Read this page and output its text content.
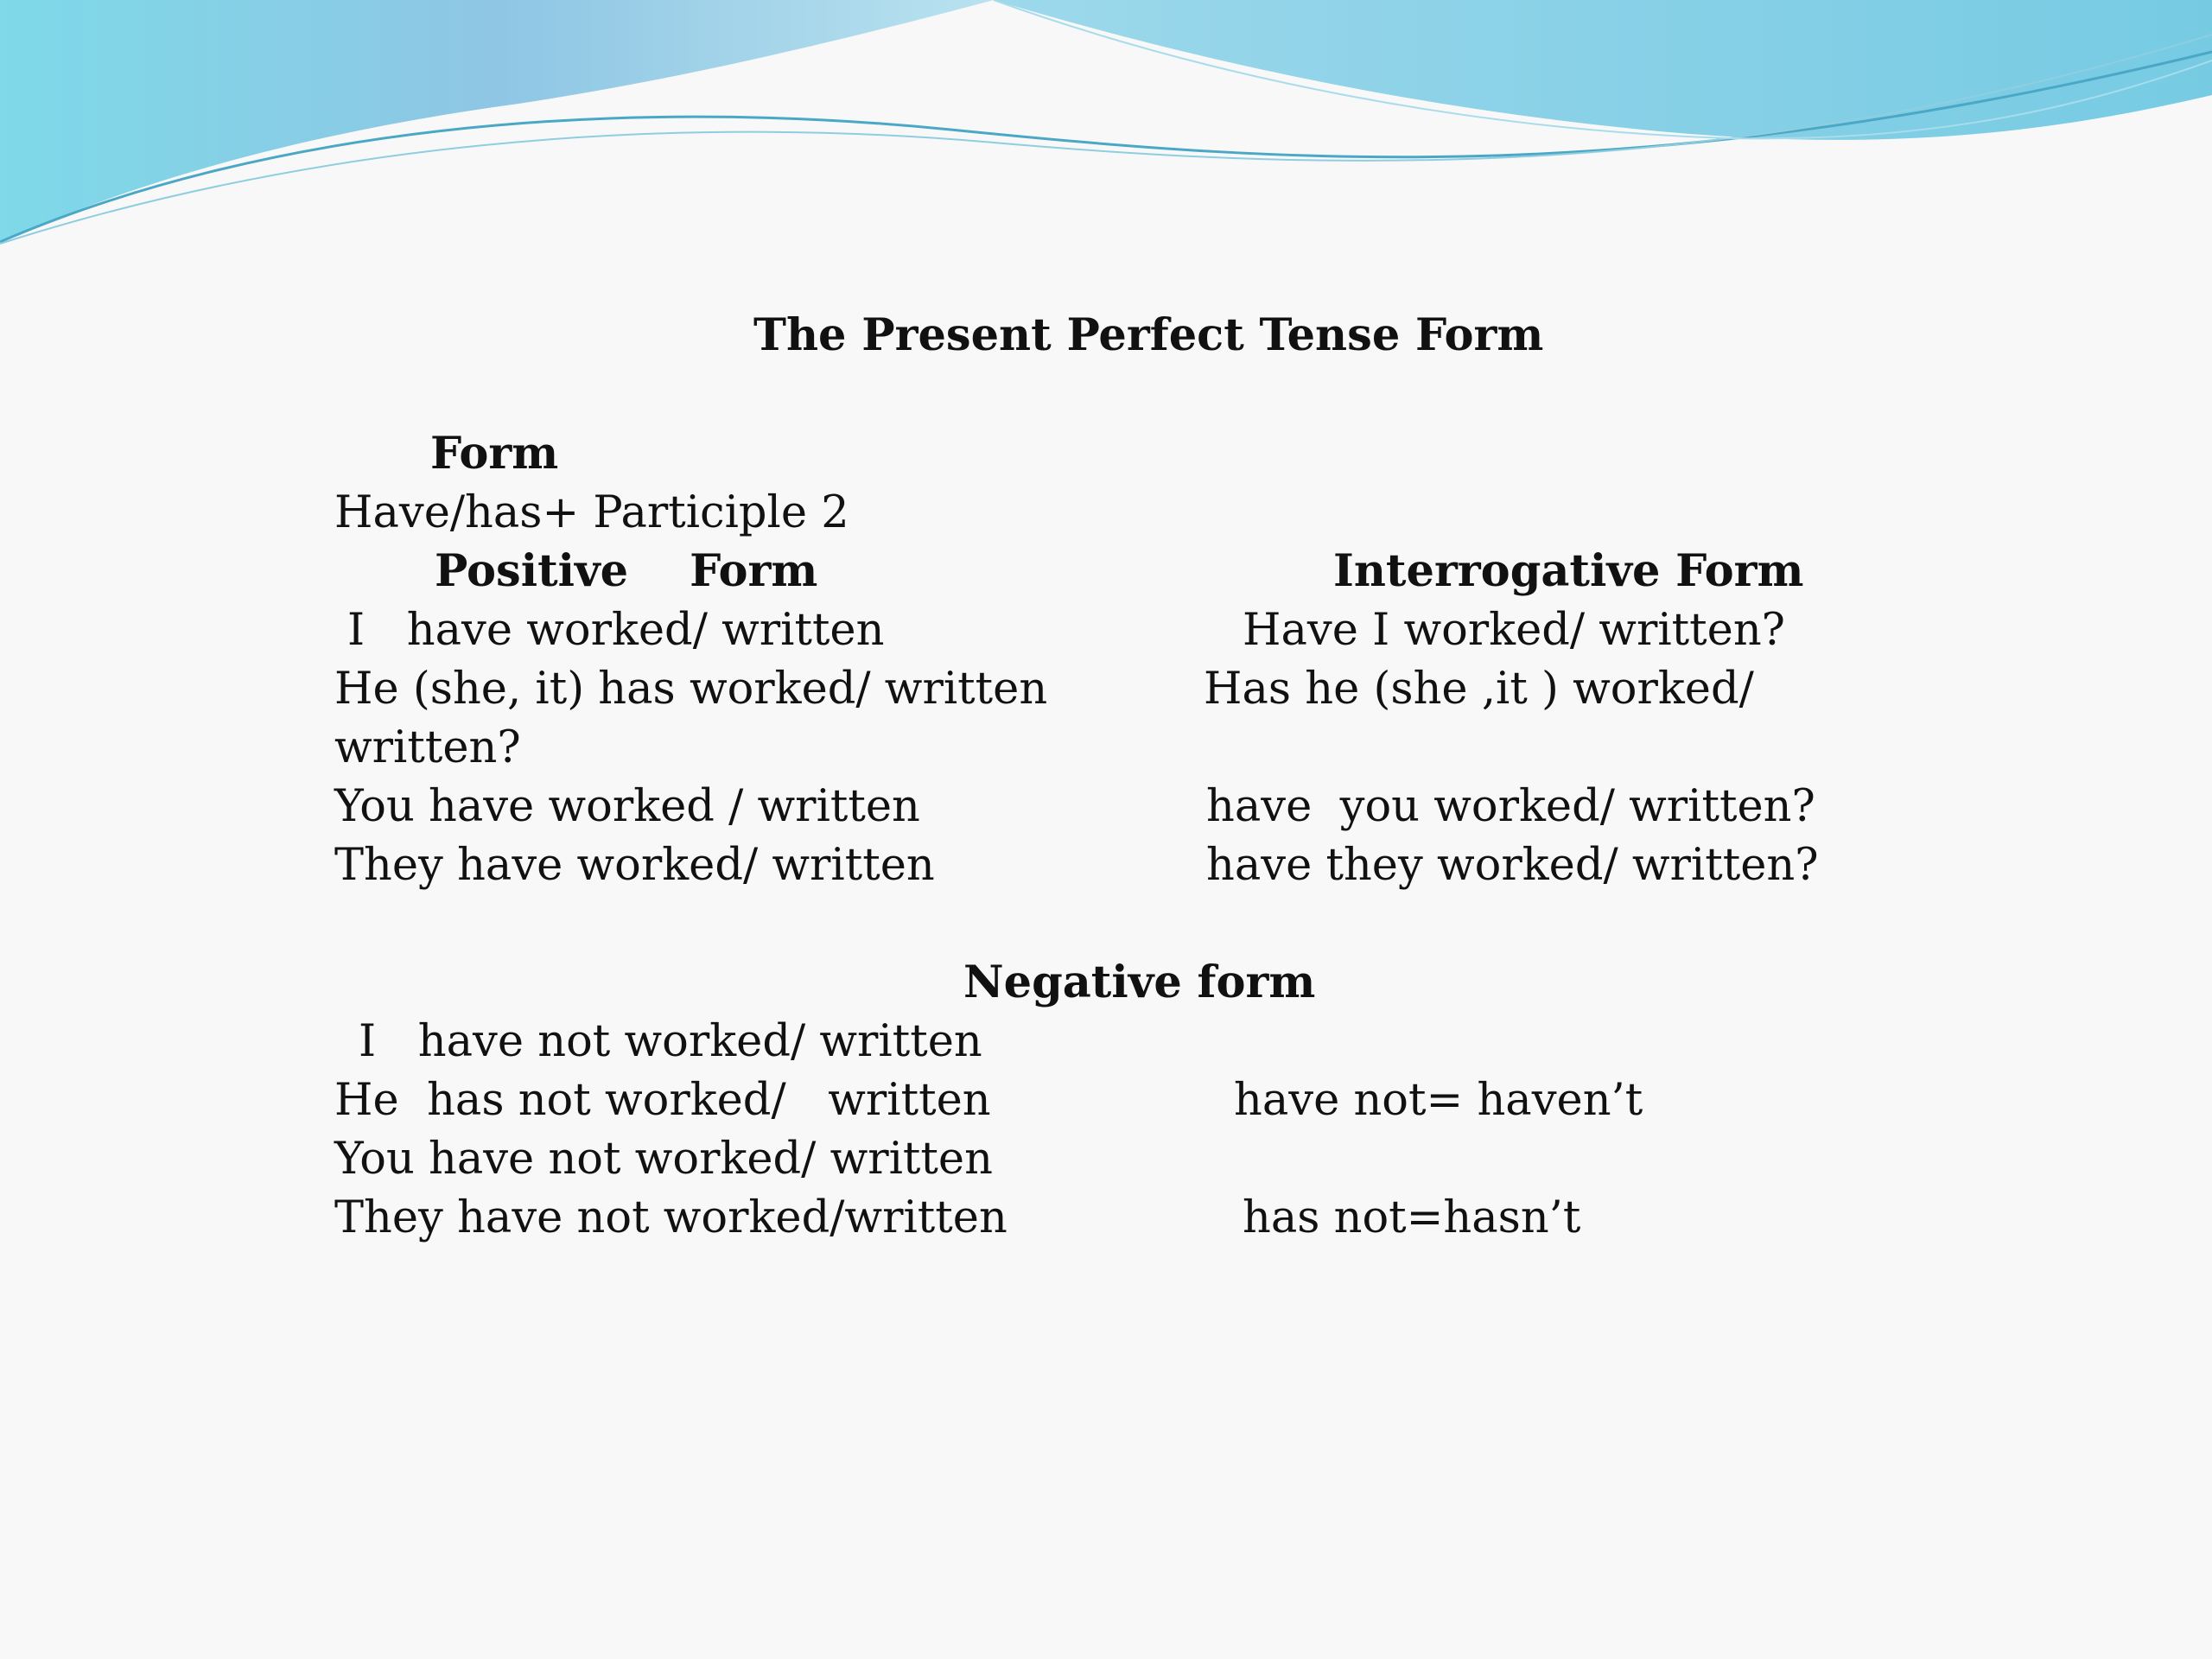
The Present Perfect Tense Form
Form
Have/has+ Participle 2
Positive    Form	Interrogative Form
I   have worked/ written	Have I worked/ written?
He (she, it) has worked/ written	Has he (she ,it ) worked/
written?
You have worked / written	have  you worked/ written?
They have worked/ written	have they worked/ written?
Negative form
I   have not worked/ written
He  has not worked/   written	have not= haven’t
You have not worked/ written
They have not worked/written	has not=hasn’t
